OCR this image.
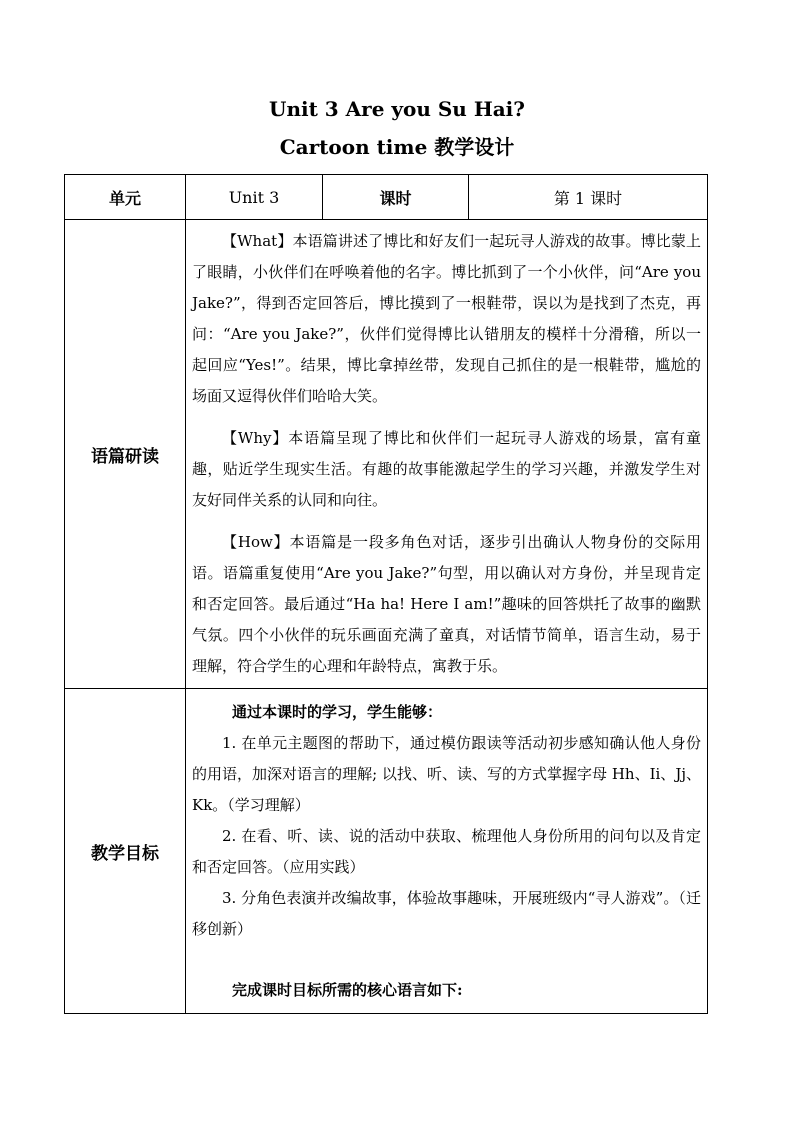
Unit 3 Are you Su Hai?
Cartoon time 教学设计
单元	Unit 3	课时	第 1 课时
语篇研读	【What】本语篇讲述了博比和好友们一起玩寻人游戏的故事。博比蒙上了眼睛，小伙伴们在呼唤着他的名字。博比抓到了一个小伙伴，问“Are you Jake?”，得到否定回答后，博比摸到了一根鞋带，误以为是找到了杰克，再问：“Are you Jake?”，伙伴们觉得博比认错朋友的模样十分滑稽，所以一起回应“Yes!”。结果，博比拿掉丝带，发现自己抓住的是一根鞋带，尴尬的场面又逗得伙伴们哈哈大笑。

【Why】本语篇呈现了博比和伙伴们一起玩寻人游戏的场景，富有童趣，贴近学生现实生活。有趣的故事能激起学生的学习兴趣，并激发学生对友好同伴关系的认同和向往。

【How】本语篇是一段多角色对话，逐步引出确认人物身份的交际用语。语篇重复使用“Are you Jake?”句型，用以确认对方身份，并呈现肯定和否定回答。最后通过“Ha ha! Here I am!”趣味的回答烘托了故事的幽默气氛。四个小伙伴的玩乐画面充满了童真，对话情节简单，语言生动，易于理解，符合学生的心理和年龄特点，寓教于乐。		

教学目标	通过本课时的学习，学生能够：

1. 在单元主题图的帮助下，通过模仿跟读等活动初步感知确认他人身份的用语，加深对语言的理解; 以找、听、读、写的方式掌握字母 Hh、Ii、Jj、Kk。（学习理解）

2. 在看、听、读、说的活动中获取、梳理他人身份所用的问句以及肯定和否定回答。（应用实践）

3. 分角色表演并改编故事，体验故事趣味，开展班级内“寻人游戏”。（迁移创新）

完成课时目标所需的核心语言如下:		
